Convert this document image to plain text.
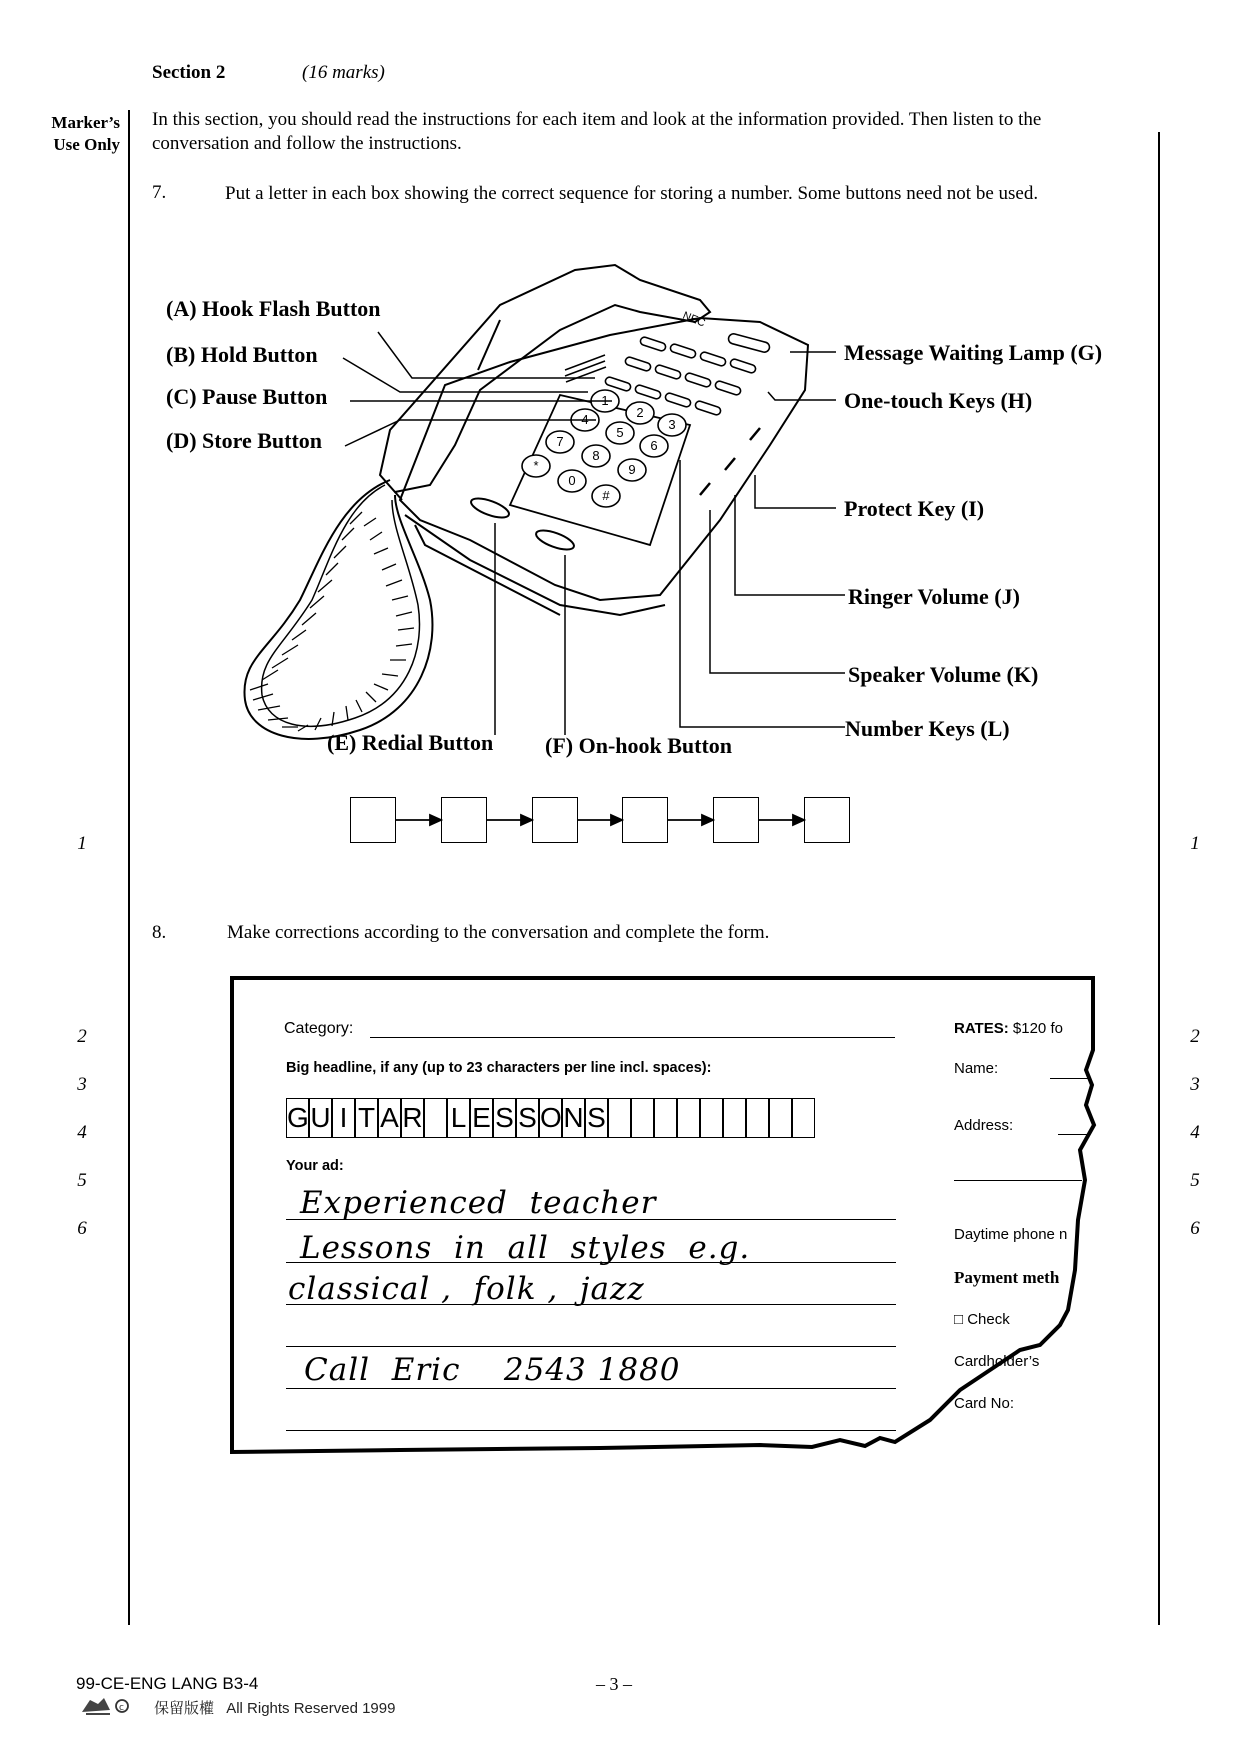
Section 2	(16 marks)
Marker’s
Use Only
In this section, you should read the instructions for each item and look at the information provided. Then listen to the conversation and follow the instructions.
7.	Put a letter in each box showing the correct sequence for storing a number. Some buttons need not be used.
1
2
3
4
5
6
7
8
9
*
0
#
NEC
(A) Hook Flash Button
(B) Hold Button
(C) Pause Button
(D) Store Button
(E) Redial Button (F) On-hook Button
Message Waiting Lamp (G)
One-touch Keys (H)
Protect Key (I)
Ringer Volume (J)
Speaker Volume (K)
Number Keys (L)
1	1
8.	Make corrections according to the conversation and complete the form.
Category:
Big headline, if any (up to 23 characters per line incl. spaces):
G U I T A R L E S S O N S
Your ad:
Experienced  teacher
Lessons  in  all  styles  e.g.
classical ,  folk ,  jazz
Call  Eric    2543 1880
RATES: $120 fo
Name:
Address:
Daytime phone n
Payment meth
□ Check
Cardholder’s
Card No:
2
3
4
5
6
2
3
4
5
6
99-CE-ENG LANG B3-4	– 3 –
c 保留版權 All Rights Reserved 1999
